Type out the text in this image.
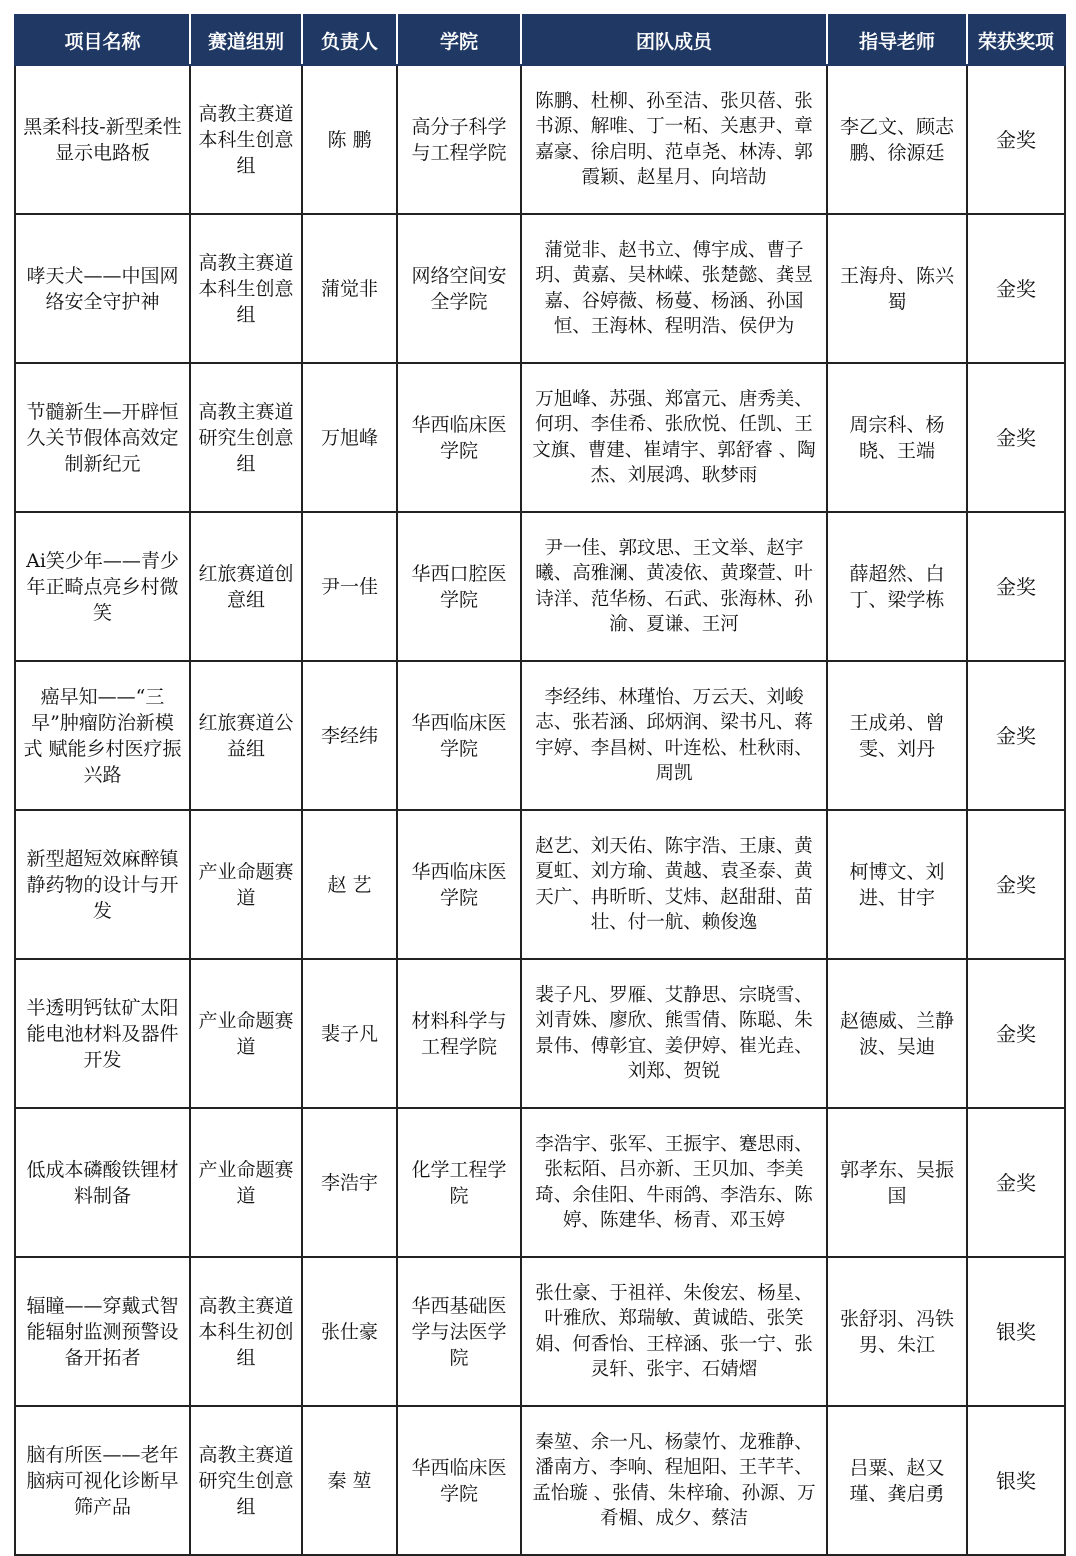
项目名称	赛道组别	负责人	学院	团队成员	指导老师	荣获奖项
黑柔科技-新型柔性显示电路板	高教主赛道本科生创意组	陈 鹏	高分子科学与工程学院	陈鹏、杜柳、孙至洁、张贝蓓、张书源、解唯、丁一柘、关惠尹、章嘉豪、徐启明、范卓尧、林涛、郭霞颖、赵星月、向培劼	李乙文、顾志鹏、徐源廷	金奖
哮天犬——中国网络安全守护神	高教主赛道本科生创意组	蒲觉非	网络空间安全学院	蒲觉非、赵书立、傅宇成、曹子玥、黄嘉、吴林嵘、张楚懿、龚昱嘉、谷婷薇、杨蔓、杨涵、孙国恒、王海林、程明浩、侯伊为	王海舟、陈兴蜀	金奖
节髓新生—开辟恒久关节假体高效定制新纪元	高教主赛道研究生创意组	万旭峰	华西临床医学院	万旭峰、苏强、郑富元、唐秀美、何玥、李佳希、张欣悦、任凯、王文旗、曹建、崔靖宇、郭舒睿 、陶杰、刘展鸿、耿梦雨	周宗科、杨晓、王端	金奖
Ai笑少年——青少年正畸点亮乡村微笑	红旅赛道创意组	尹一佳	华西口腔医学院	尹一佳、郭玟思、王文举、赵宇曦、高雅澜、黄凌依、黄璨萱、叶诗洋、范华杨、石武、张海林、孙渝、夏谦、王河	薛超然、白丁、梁学栋	金奖
癌早知——“三早”肿瘤防治新模式 赋能乡村医疗振兴路	红旅赛道公益组	李经纬	华西临床医学院	李经纬、林瑾怡、万云天、刘峻志、张若涵、邱炳润、梁书凡、蒋宇婷、李昌树、叶连松、杜秋雨、周凯	王成弟、曾雯、刘丹	金奖
新型超短效麻醉镇静药物的设计与开发	产业命题赛道	赵 艺	华西临床医学院	赵艺、刘天佑、陈宇浩、王康、黄夏虹、刘方瑜、黄越、袁圣泰、黄天广、冉昕昕、艾炜、赵甜甜、苗壮、付一航、赖俊逸	柯博文、刘进、甘宇	金奖
半透明钙钛矿太阳能电池材料及器件开发	产业命题赛道	裴子凡	材料科学与工程学院	裴子凡、罗雁、艾静思、宗晓雪、刘青姝、廖欣、熊雪倩、陈聪、朱景伟、傅彰宜、姜伊婷、崔光垚、刘郑、贺锐	赵德威、兰静波、吴迪	金奖
低成本磷酸铁锂材料制备	产业命题赛道	李浩宇	化学工程学院	李浩宇、张军、王振宇、蹇思雨、张耘陌、吕亦新、王贝加、李美琦、余佳阳、牛雨鸽、李浩东、陈婷、陈建华、杨青、邓玉婷	郭孝东、吴振国	金奖
辐瞳——穿戴式智能辐射监测预警设备开拓者	高教主赛道本科生初创组	张仕豪	华西基础医学与法医学院	张仕豪、于祖祥、朱俊宏、杨星、叶雅欣、郑瑞敏、黄诚皓、张笑娟、何香怡、王梓涵、张一宁、张灵轩、张宇、石婧熠	张舒羽、冯铁男、朱江	银奖
脑有所医——老年脑病可视化诊断早筛产品	高教主赛道研究生创意组	秦 堃	华西临床医学院	秦堃、余一凡、杨蒙竹、龙雅静、潘南方、李响、程旭阳、王芊芊、孟怡璇 、张倩、朱梓瑜、孙源、万肴楣、成夕、蔡洁	吕粟、赵又瑾、龚启勇	银奖
